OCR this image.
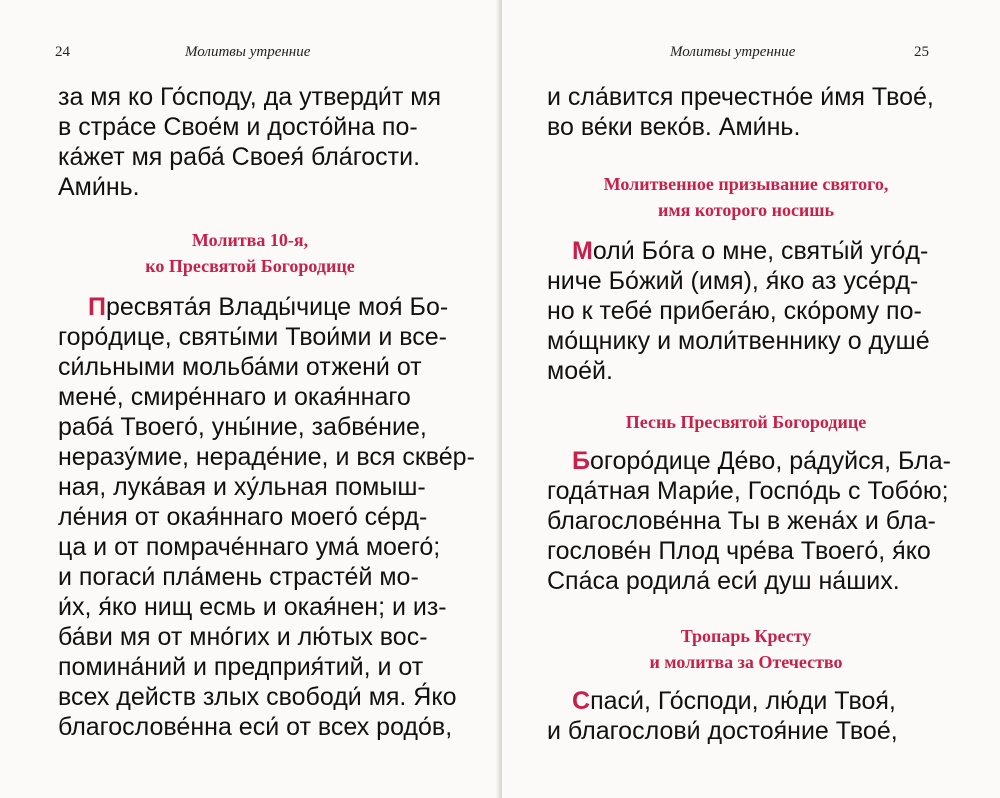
24	Молитвы утренние
за мя ко Го́споду, да утверди́т мя
в стра́се Свое́м и досто́йна по-
ка́жет мя раба́ Своея́ бла́гости.
Ами́нь.
Молитва 10-я,
ко Пресвятой Богородице
Пресвята́я Влады́чице моя́ Бо-
горо́дице, святы́ми Твои́ми и все-
си́льными мольба́ми отжени́ от
мене́, смире́ннаго и окая́ннаго
раба́ Твоего́, уны́ние, забве́ние,
неразу́мие, нераде́ние, и вся скве́р-
ная, лука́вая и ху́льная помыш-
ле́ния от окая́ннаго моего́ се́рд-
ца и от помраче́ннаго ума́ моего́;
и погаси́ пла́мень страсте́й мо-
и́х, я́ко нищ есмь и окая́нен; и из-
ба́ви мя от мно́гих и лю́тых вос-
помина́ний и предприя́тий, и от
всех действ злых свободи́ мя. Я́ко
благослове́нна еси́ от всех родо́в,
Молитвы утренние	25
и сла́вится пречестно́е и́мя Твое́,
во ве́ки веко́в. Ами́нь.
Молитвенное призывание святого,
имя которого носишь
Моли́ Бо́га о мне, святы́й уго́д-
ниче Бо́жий (имя), я́ко аз усе́рд-
но к тебе́ прибега́ю, ско́рому по-
мо́щнику и моли́твеннику о душе́
мое́й.
Песнь Пресвятой Богородице
Богоро́дице Де́во, ра́дуйся, Бла-
года́тная Мари́е, Госпо́дь с Тобо́ю;
благослове́нна Ты в жена́х и бла-
гослове́н Плод чре́ва Твоего́, я́ко
Спа́са родила́ еси́ душ на́ших.
Тропарь Кресту
и молитва за Отечество
Спаси́, Го́споди, лю́ди Твоя́,
и благослови́ достоя́ние Твое́,
